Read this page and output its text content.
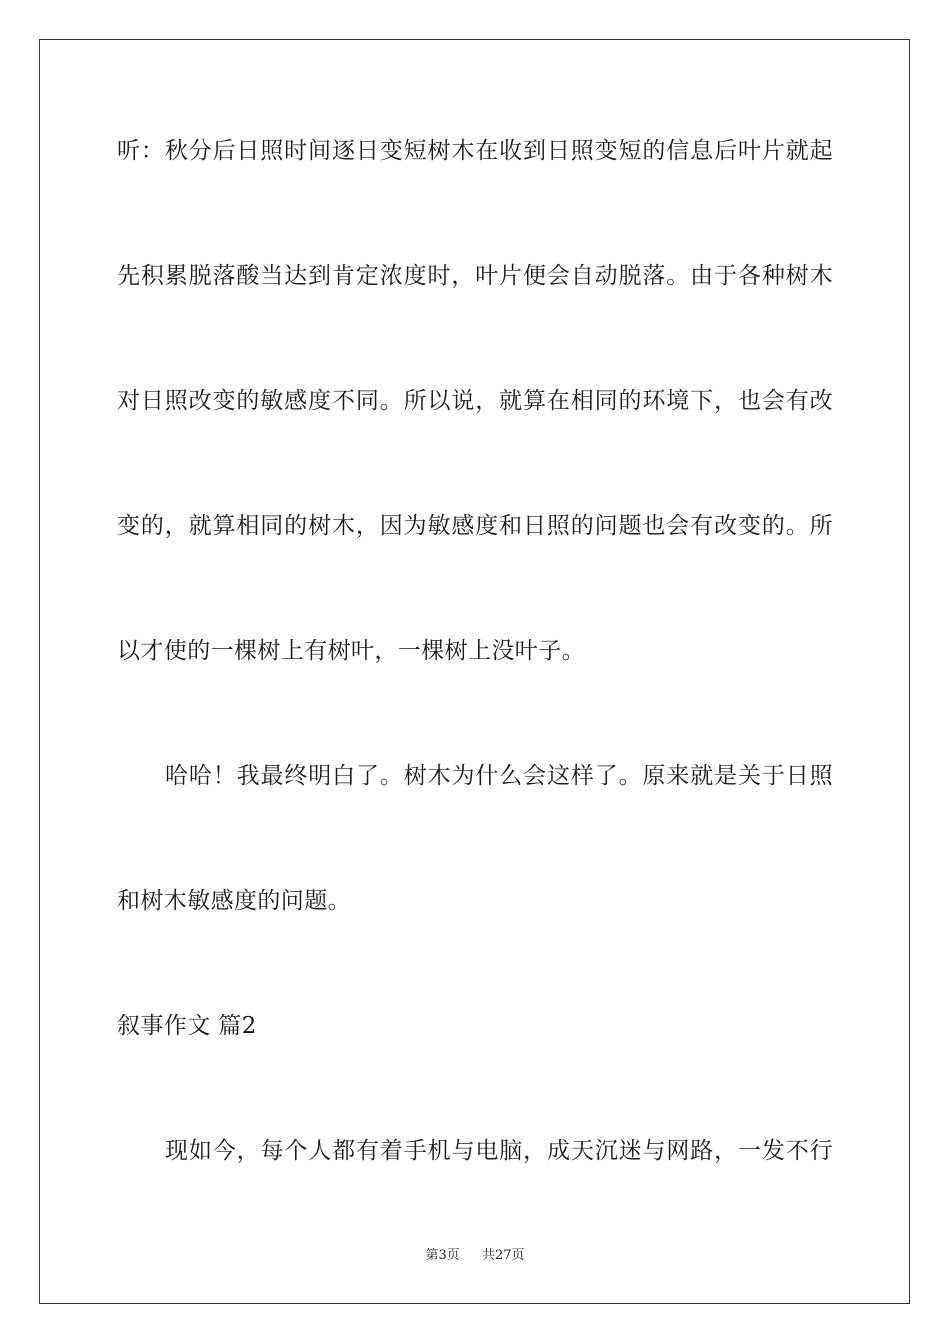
听：秋分后日照时间逐日变短树木在收到日照变短的信息后叶片就起
先积累脱落酸当达到肯定浓度时，叶片便会自动脱落。由于各种树木
对日照改变的敏感度不同。所以说，就算在相同的环境下，也会有改
变的，就算相同的树木，因为敏感度和日照的问题也会有改变的。所
以才使的一棵树上有树叶，一棵树上没叶子。
哈哈！我最终明白了。树木为什么会这样了。原来就是关于日照
和树木敏感度的问题。
叙事作文 篇2
现如今，每个人都有着手机与电脑，成天沉迷与网路，一发不行
第3页 共27页
